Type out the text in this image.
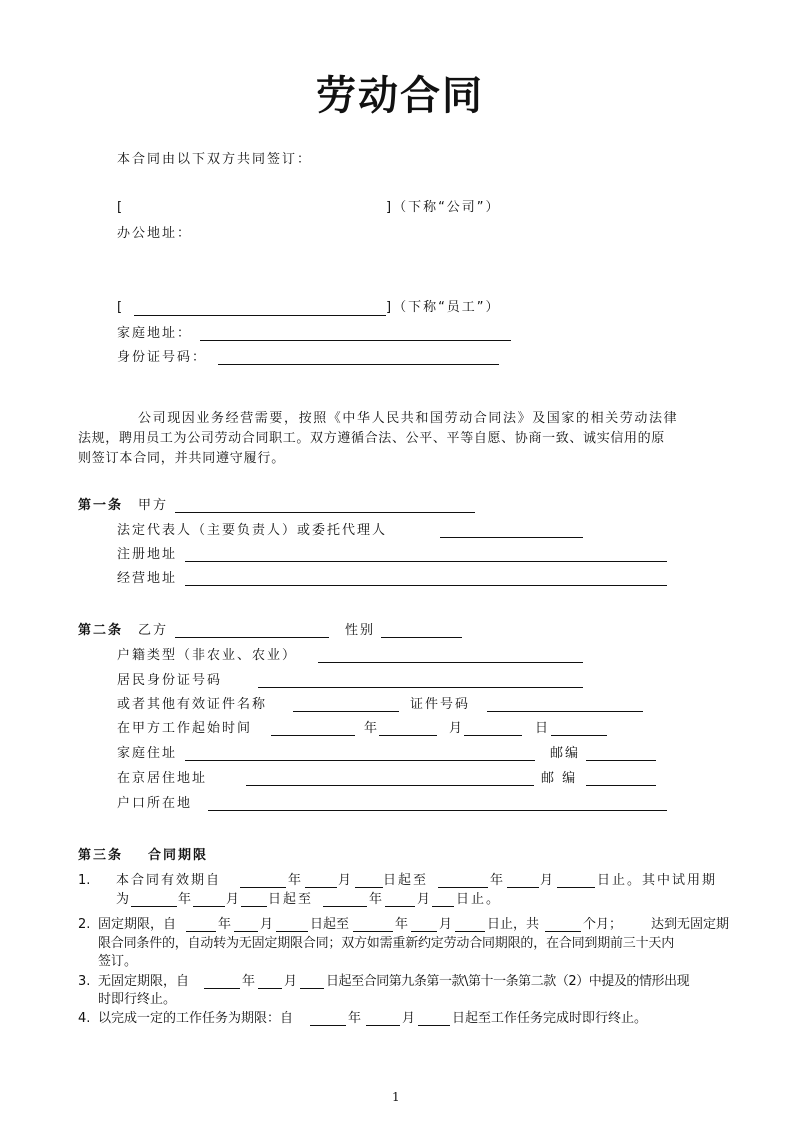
劳动合同
本合同由以下双方共同签订：
[	]（下称“公司”）
办公地址：
[	]（下称“员工”）
家庭地址：
身份证号码：
公司现因业务经营需要，按照《中华人民共和国劳动合同法》及国家的相关劳动法律
法规，聘用员工为公司劳动合同职工。双方遵循合法、公平、平等自愿、协商一致、诚实信用的原
则签订本合同，并共同遵守履行。
第一条 甲方
法定代表人（主要负责人）或委托代理人
注册地址
经营地址
第二条 乙方	性别
户籍类型（非农业、农业）
居民身份证号码
或者其他有效证件名称	证件号码
在甲方工作起始时间	年	月	日
家庭住址	邮编
在京居住地址	邮 编
户口所在地
第三条 合同期限
1. 本合同有效期自	年	月 日起至	年	月	日止。其中试用期
为	年	月 日起至	年	月 日止。
2. 固定期限，自	年 月	日起至	年 月	日止，共	个月； 达到无固定期
限合同条件的，自动转为无固定期限合同；双方如需重新约定劳动合同期限的，在合同到期前三十天内
签订。
3. 无固定期限，自	年 月 日起至合同第九条第一款\第十一条第二款（2）中提及的情形出现
时即行终止。
4. 以完成一定的工作任务为期限：自	年	月	日起至工作任务完成时即行终止。
1
